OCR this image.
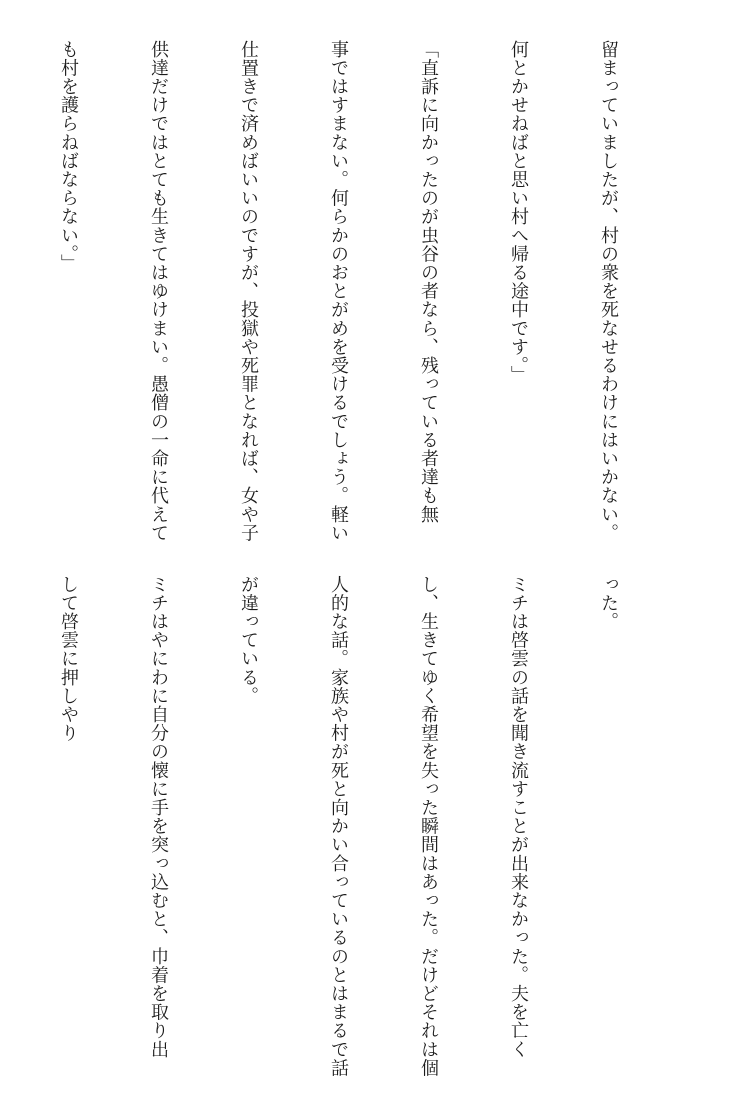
留まっていましたが、村の衆を死なせるわけにはいかない。

何とかせねばと思い村へ帰る途中です。」

「直訴に向かったのが虫谷の者なら、残っている者達も無

事ではすまない。何らかのおとがめを受けるでしょう。軽い

仕置きで済めばいいのですが、投獄や死罪となれば、女や子

供達だけではとても生きてはゆけまい。愚僧の一命に代えて

も村を護らねばならない。」

った。

ミチは啓雲の話を聞き流すことが出来なかった。夫を亡く

し、生きてゆく希望を失った瞬間はあった。だけどそれは個

人的な話。家族や村が死と向かい合っているのとはまるで話

が違っている。

ミチはやにわに自分の懐に手を突っ込むと、巾着を取り出

して啓雲に押しやり
